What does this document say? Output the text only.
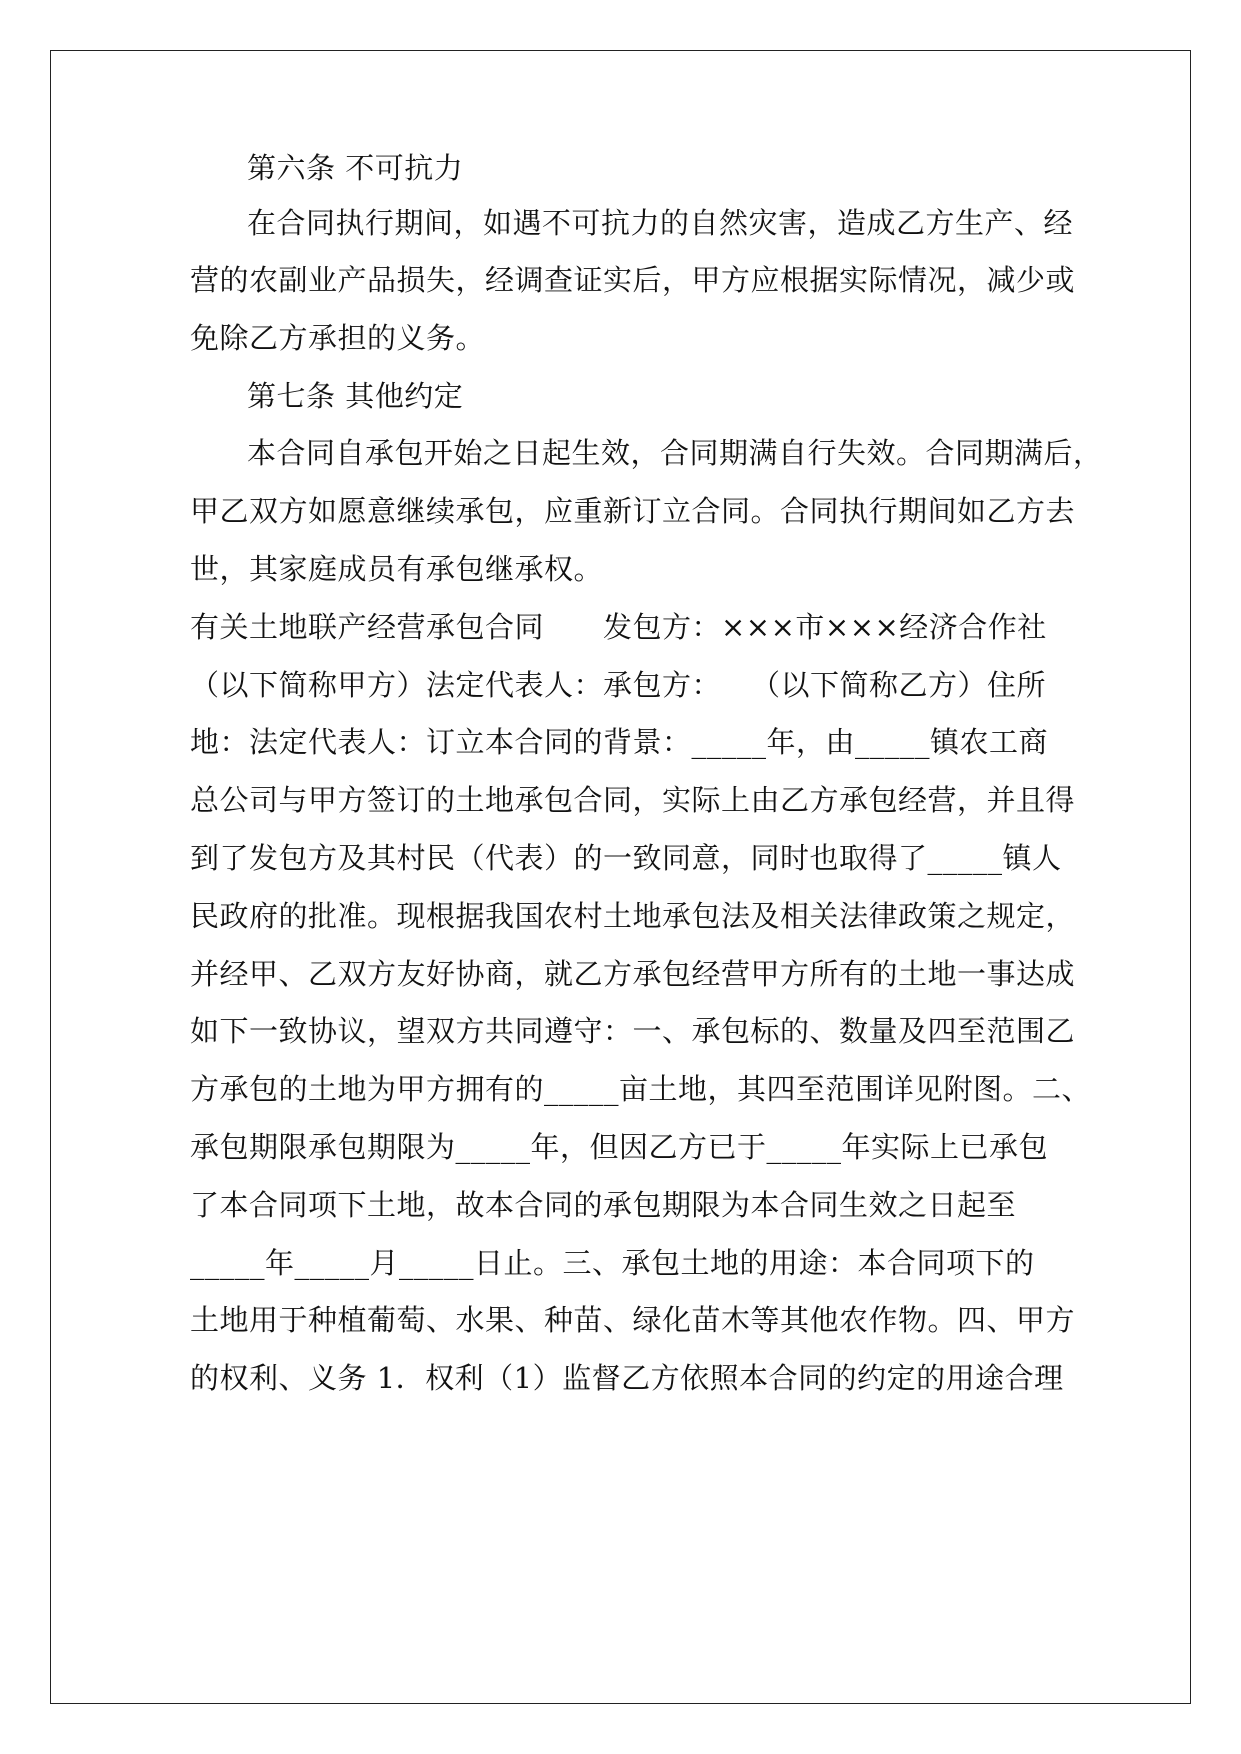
第六条 不可抗力
在合同执行期间，如遇不可抗力的自然灾害，造成乙方生产、经
营的农副业产品损失，经调查证实后，甲方应根据实际情况，减少或
免除乙方承担的义务。
第七条 其他约定
本合同自承包开始之日起生效，合同期满自行失效。合同期满后，
甲乙双方如愿意继续承包，应重新订立合同。合同执行期间如乙方去
世，其家庭成员有承包继承权。
有关土地联产经营承包合同　　发包方：×××市×××经济合作社
（以下简称甲方）法定代表人：承包方：　　（以下简称乙方）住所
地：法定代表人：订立本合同的背景：_____年，由_____镇农工商
总公司与甲方签订的土地承包合同，实际上由乙方承包经营，并且得
到了发包方及其村民（代表）的一致同意，同时也取得了_____镇人
民政府的批准。现根据我国农村土地承包法及相关法律政策之规定，
并经甲、乙双方友好协商，就乙方承包经营甲方所有的土地一事达成
如下一致协议，望双方共同遵守：一、承包标的、数量及四至范围乙
方承包的土地为甲方拥有的_____亩土地，其四至范围详见附图。二、
承包期限承包期限为_____年，但因乙方已于_____年实际上已承包
了本合同项下土地，故本合同的承包期限为本合同生效之日起至
_____年_____月_____日止。三、承包土地的用途：本合同项下的
土地用于种植葡萄、水果、种苗、绿化苗木等其他农作物。四、甲方
的权利、义务 1．权利（1）监督乙方依照本合同的约定的用途合理
